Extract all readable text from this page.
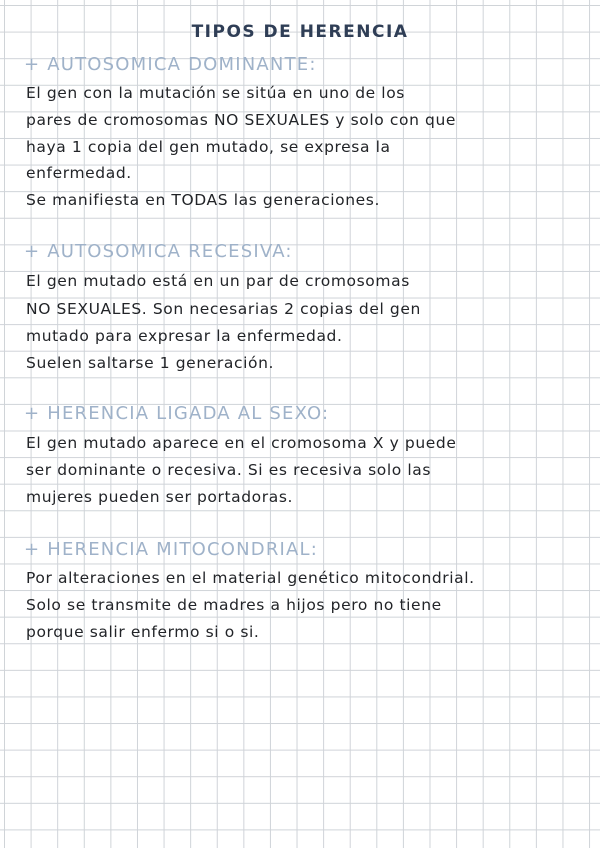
TIPOS DE HERENCIA
+ AUTOSOMICA DOMINANTE:

El gen con la mutación se sitúa en uno de los

pares de cromosomas NO SEXUALES y solo con que

haya 1 copia del gen mutado, se expresa la

enfermedad.

Se manifiesta en TODAS las generaciones.

+ AUTOSOMICA RECESIVA:

El gen mutado está en un par de cromosomas

NO SEXUALES. Son necesarias 2 copias del gen

mutado para expresar la enfermedad.

Suelen saltarse 1 generación.

+ HERENCIA LIGADA AL SEXO:

El gen mutado aparece en el cromosoma X y puede

ser dominante o recesiva. Si es recesiva solo las

mujeres pueden ser portadoras.

+ HERENCIA MITOCONDRIAL:

Por alteraciones en el material genético mitocondrial.

Solo se transmite de madres a hijos pero no tiene

porque salir enfermo si o si.
